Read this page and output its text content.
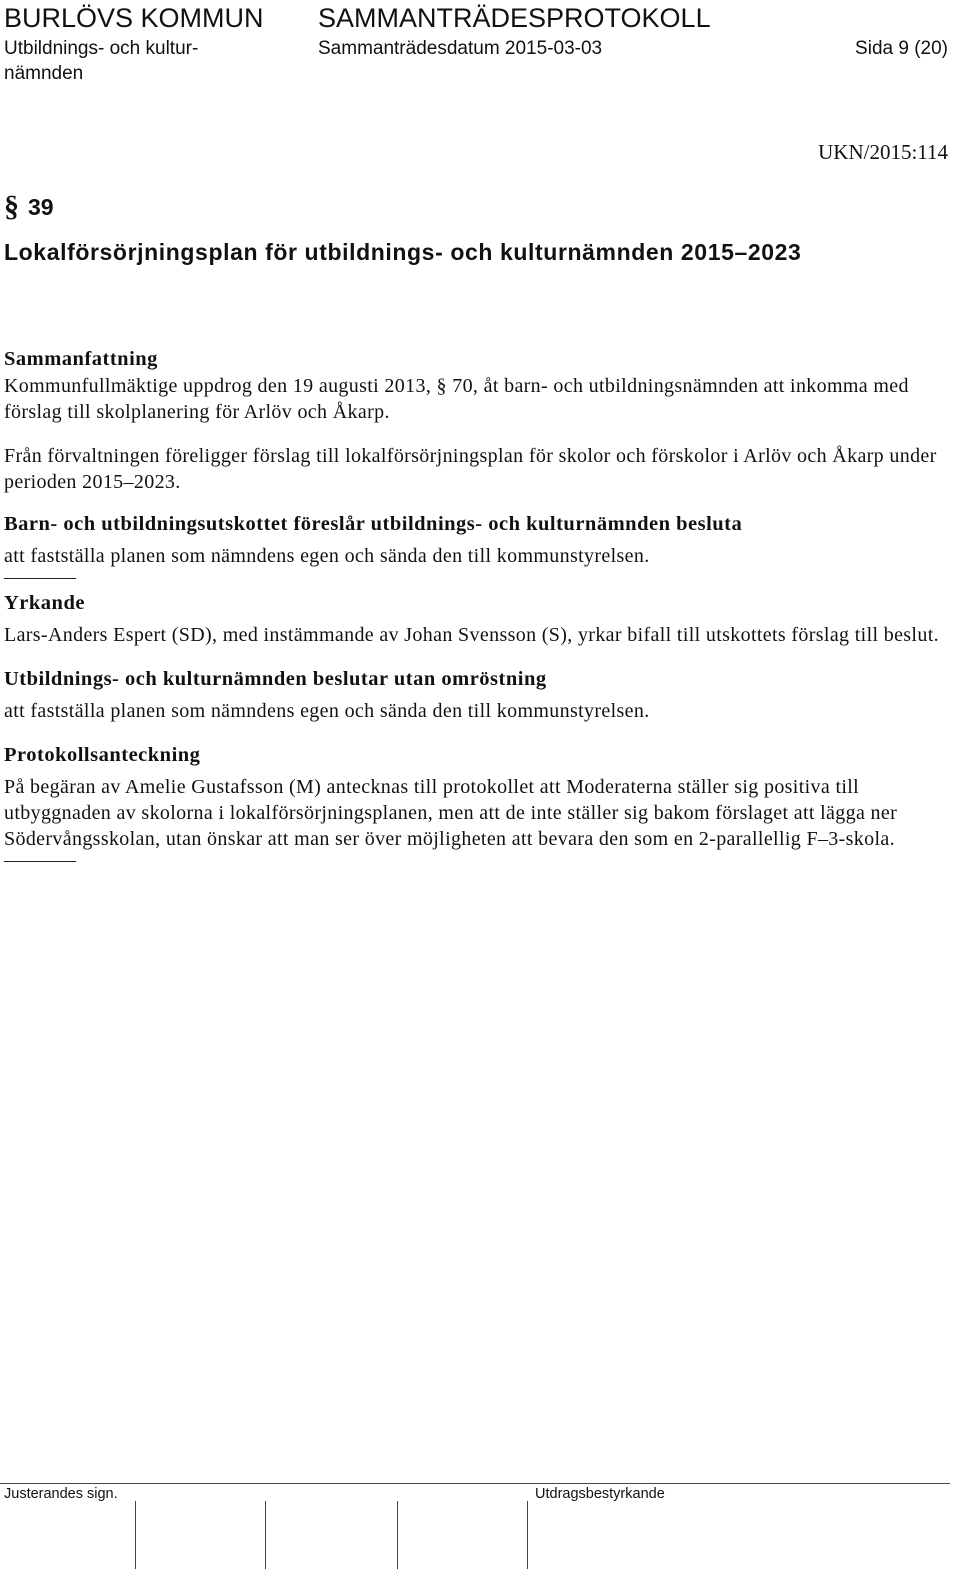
BURLÖVS KOMMUN SAMMANTRÄDESPROTOKOLL
Utbildnings- och kultur-
nämnden
Sammanträdesdatum 2015-03-03	Sida 9 (20)
UKN/2015:114
§ 39
Lokalförsörjningsplan för utbildnings- och kulturnämnden 2015–2023

Sammanfattning

Kommunfullmäktige uppdrog den 19 augusti 2013, § 70, åt barn- och utbildningsnämnden att inkomma med förslag till skolplanering för Arlöv och Åkarp.

Från förvaltningen föreligger förslag till lokalförsörjningsplan för skolor och förskolor i Arlöv och Åkarp under perioden 2015–2023.

Barn- och utbildningsutskottet föreslår utbildnings- och kulturnämnden besluta

att fastställa planen som nämndens egen och sända den till kommunstyrelsen.

Yrkande

Lars-Anders Espert (SD), med instämmande av Johan Svensson (S), yrkar bifall till utskottets förslag till beslut.

Utbildnings- och kulturnämnden beslutar utan omröstning

att fastställa planen som nämndens egen och sända den till kommunstyrelsen.

Protokollsanteckning

På begäran av Amelie Gustafsson (M) antecknas till protokollet att Moderaterna ställer sig positiva till utbyggnaden av skolorna i lokalförsörjningsplanen, men att de inte ställer sig bakom förslaget att lägga ner Södervångsskolan, utan önskar att man ser över möjligheten att bevara den som en 2-parallellig F–3-skola.

Justerandes sign.	Utdragsbestyrkande
